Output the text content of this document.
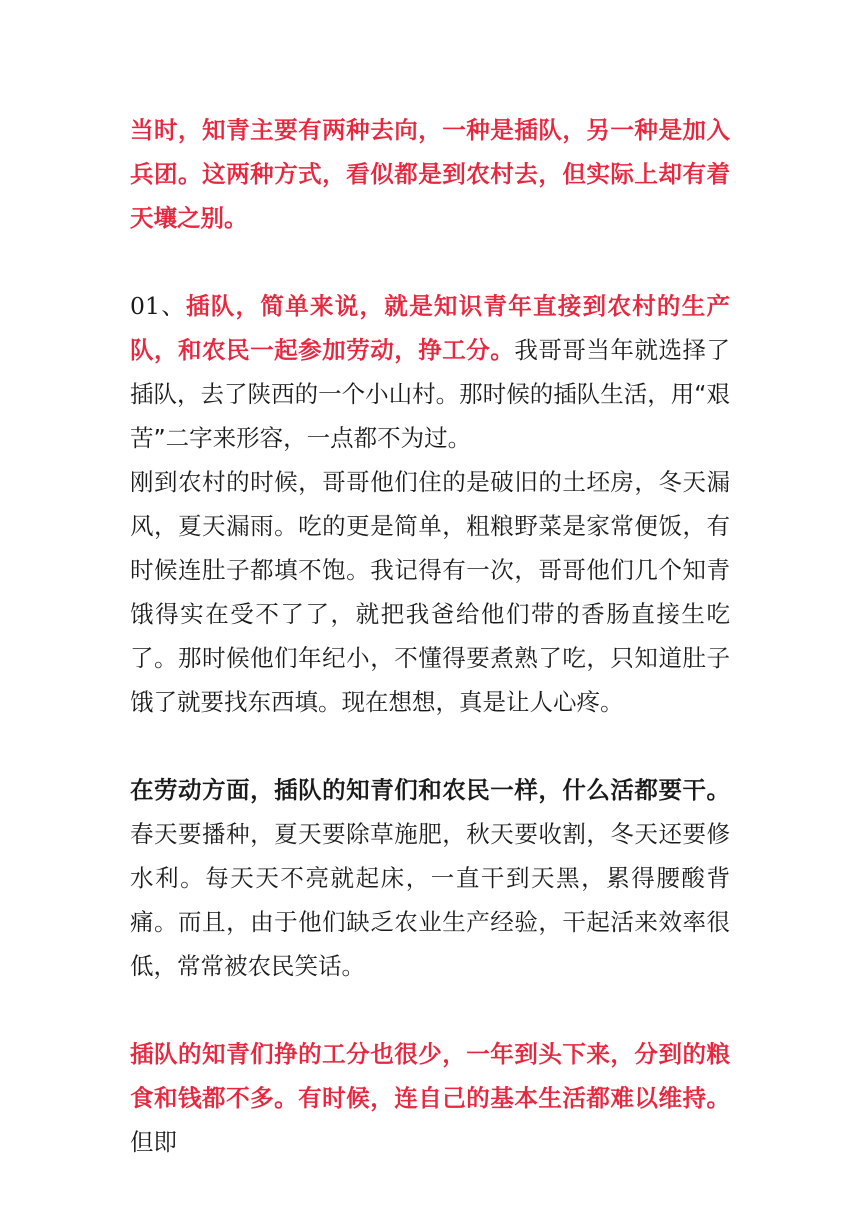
当时，知青主要有两种去向，一种是插队，另一种是加入兵团。这两种方式，看似都是到农村去，但实际上却有着天壤之别。

01、插队，简单来说，就是知识青年直接到农村的生产队，和农民一起参加劳动，挣工分。我哥哥当年就选择了插队，去了陕西的一个小山村。那时候的插队生活，用“艰苦”二字来形容，一点都不为过。

刚到农村的时候，哥哥他们住的是破旧的土坯房，冬天漏风，夏天漏雨。吃的更是简单，粗粮野菜是家常便饭，有时候连肚子都填不饱。我记得有一次，哥哥他们几个知青饿得实在受不了了，就把我爸给他们带的香肠直接生吃了。那时候他们年纪小，不懂得要煮熟了吃，只知道肚子饿了就要找东西填。现在想想，真是让人心疼。

在劳动方面，插队的知青们和农民一样，什么活都要干。春天要播种，夏天要除草施肥，秋天要收割，冬天还要修水利。每天天不亮就起床，一直干到天黑，累得腰酸背痛。而且，由于他们缺乏农业生产经验，干起活来效率很低，常常被农民笑话。

插队的知青们挣的工分也很少，一年到头下来，分到的粮食和钱都不多。有时候，连自己的基本生活都难以维持。但即
